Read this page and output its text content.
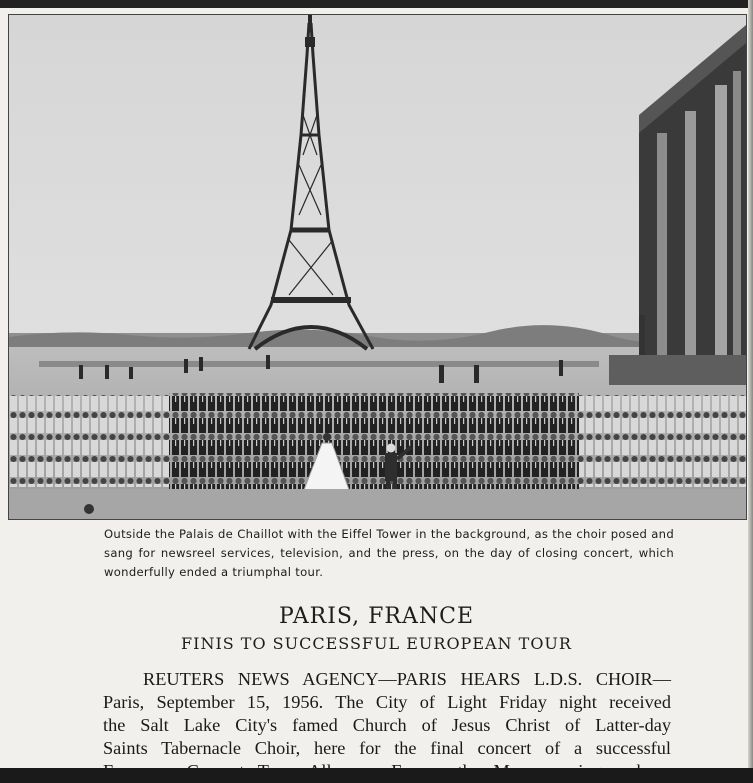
Outside the Palais de Chaillot with the Eiffel Tower in the background, as the choir posed and sang for newsreel services, television, and the press, on the day of closing concert, which wonderfully ended a triumphal tour.
PARIS, FRANCE
FINIS TO SUCCESSFUL EUROPEAN TOUR
REUTERS NEWS AGENCY—PARIS HEARS L.D.S. CHOIR—
Paris, September 15, 1956. The City of Light Friday night received
the Salt Lake City's famed Church of Jesus Christ of Latter-day
Saints Tabernacle Choir, here for the final concert of a successful
European Concert Tour. All over Europe the Mormon singers have
